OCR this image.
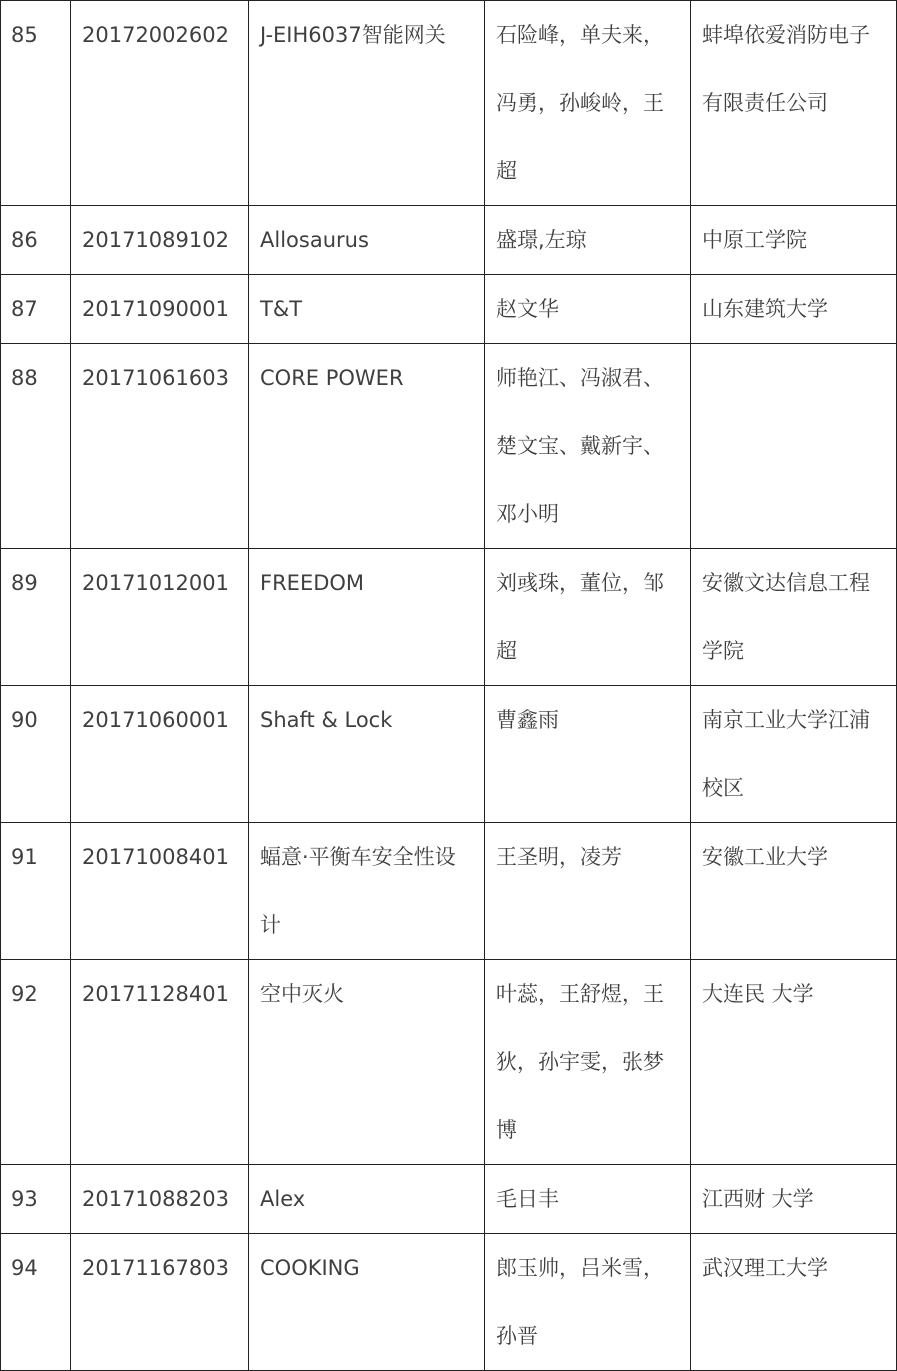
85	20172002602	J-EIH6037智能网关	石险峰，单夫来，冯勇，孙峻岭，王超	蚌埠依爱消防电子有限责任公司

86	20171089102	Allosaurus	盛璟,左琼	中原工学院

87	20171090001	T&T	赵文华	山东建筑大学

88	20171061603	CORE POWER	师艳江、冯淑君、楚文宝、戴新宇、邓小明	

89	20171012001	FREEDOM	刘彧珠，董位，邹超	安徽文达信息工程学院

90	20171060001	Shaft & Lock	曹鑫雨	南京工业大学江浦校区

91	20171008401	蝠意·平衡车安全性设计	王圣明，凌芳	安徽工业大学

92	20171128401	空中灭火	叶蕊，王舒煜，王狄，孙宇雯，张梦博	大连民 大学

93	20171088203	Alex	毛日丰	江西财 大学

94	20171167803	COOKING	郎玉帅，吕米雪，孙晋	武汉理工大学
